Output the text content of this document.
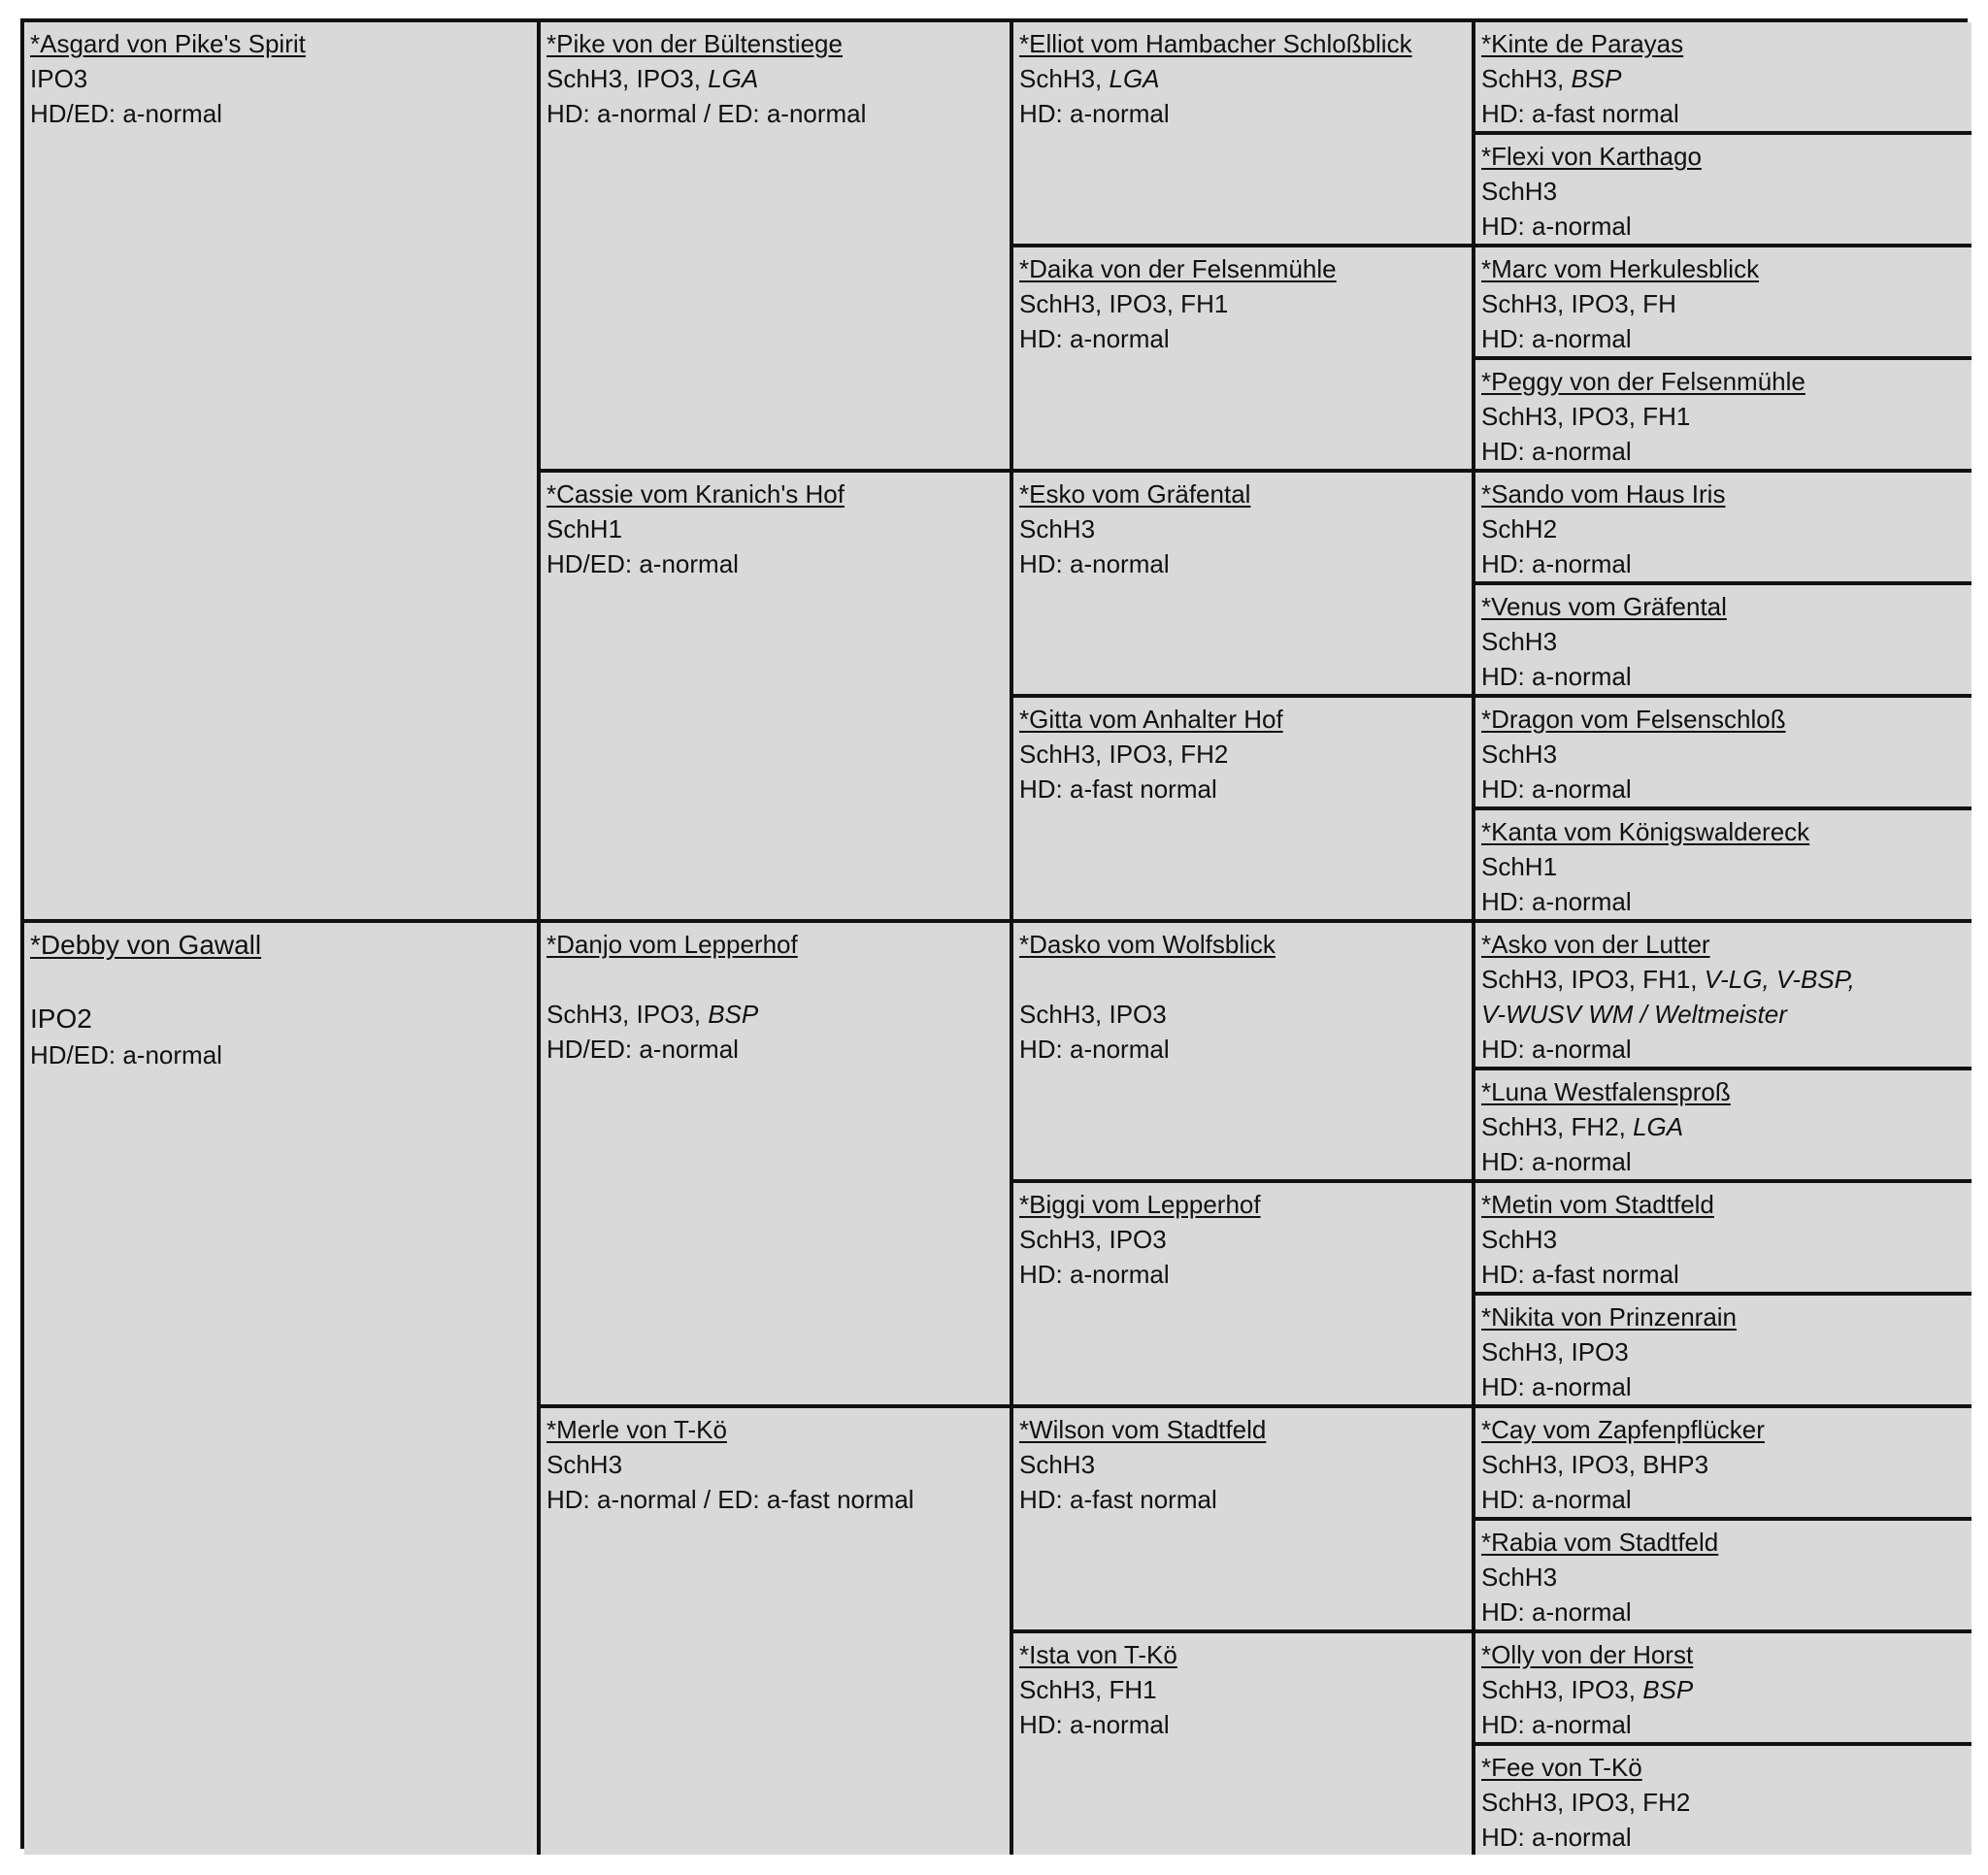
*Asgard von Pike's Spirit
IPO3
HD/ED: a-normal
*Debby von Gawall
IPO2
HD/ED: a-normal
*Pike von der Bültenstiege
SchH3, IPO3, LGA
HD: a-normal / ED: a-normal
*Cassie vom Kranich's Hof
SchH1
HD/ED: a-normal
*Danjo vom Lepperhof
SchH3, IPO3, BSP
HD/ED: a-normal
*Merle von T-Kö
SchH3
HD: a-normal / ED: a-fast normal
*Elliot vom Hambacher Schloßblick
SchH3, LGA
HD: a-normal
*Daika von der Felsenmühle
SchH3, IPO3, FH1
HD: a-normal
*Esko vom Gräfental
SchH3
HD: a-normal
*Gitta vom Anhalter Hof
SchH3, IPO3, FH2
HD: a-fast normal
*Dasko vom Wolfsblick
SchH3, IPO3
HD: a-normal
*Biggi vom Lepperhof
SchH3, IPO3
HD: a-normal
*Wilson vom Stadtfeld
SchH3
HD: a-fast normal
*Ista von T-Kö
SchH3, FH1
HD: a-normal
*Kinte de Parayas
SchH3, BSP
HD: a-fast normal
*Flexi von Karthago
SchH3
HD: a-normal
*Marc vom Herkulesblick
SchH3, IPO3, FH
HD: a-normal
*Peggy von der Felsenmühle
SchH3, IPO3, FH1
HD: a-normal
*Sando vom Haus Iris
SchH2
HD: a-normal
*Venus vom Gräfental
SchH3
HD: a-normal
*Dragon vom Felsenschloß
SchH3
HD: a-normal
*Kanta vom Königswaldereck
SchH1
HD: a-normal
*Asko von der Lutter
SchH3, IPO3, FH1, V-LG, V-BSP,
V-WUSV WM / Weltmeister
HD: a-normal
*Luna Westfalensproß
SchH3, FH2, LGA
HD: a-normal
*Metin vom Stadtfeld
SchH3
HD: a-fast normal
*Nikita von Prinzenrain
SchH3, IPO3
HD: a-normal
*Cay vom Zapfenpflücker
SchH3, IPO3, BHP3
HD: a-normal
*Rabia vom Stadtfeld
SchH3
HD: a-normal
*Olly von der Horst
SchH3, IPO3, BSP
HD: a-normal
*Fee von T-Kö
SchH3, IPO3, FH2
HD: a-normal
